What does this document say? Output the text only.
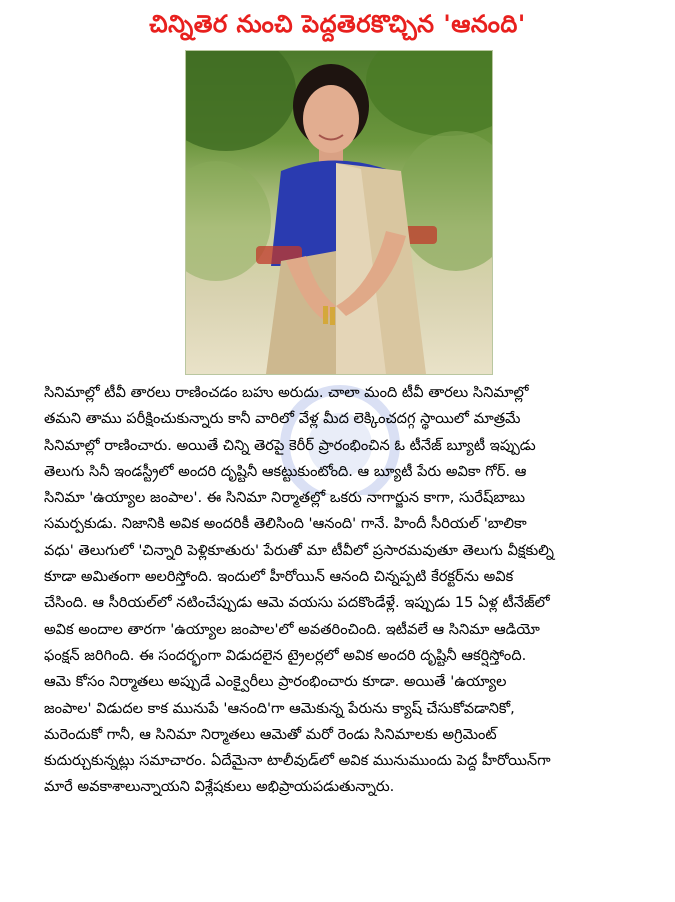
చిన్నితెర నుంచి పెద్దతెరకొచ్చిన 'ఆనంది'
సినిమాల్లో టీవీ తారలు రాణించడం బహు అరుదు. చాలా మంది టీవీ తారలు సినిమాల్లో
తమని తాము పరీక్షించుకున్నారు కానీ వారిలో వేళ్ల మీద లెక్కించదగ్గ స్థాయిలో మాత్రమే
సినిమాల్లో రాణించారు. అయితే చిన్ని తెరపై కెరీర్ ప్రారంభించిన ఓ టీనేజ్ బ్యూటీ ఇప్పుడు
తెలుగు సినీ ఇండస్ట్రీలో అందరి దృష్టినీ ఆకట్టుకుంటోంది. ఆ బ్యూటీ పేరు అవికా గోర్. ఆ
సినిమా 'ఉయ్యాల జంపాల'. ఈ సినిమా నిర్మాతల్లో ఒకరు నాగార్జున కాగా, సురేష్‌బాబు
సమర్పకుడు. నిజానికి అవిక అందరికీ తెలిసింది 'ఆనంది' గానే. హిందీ సీరియల్ 'బాలికా
వధు' తెలుగులో 'చిన్నారి పెళ్లికూతురు' పేరుతో మా టీవీలో ప్రసారమవుతూ తెలుగు వీక్షకుల్ని
కూడా అమితంగా అలరిస్తోంది. ఇందులో హీరోయిన్ ఆనంది చిన్నప్పటి కేరక్టర్‌ను అవిక
చేసింది. ఆ సీరియల్‌లో నటించేప్పుడు ఆమె వయసు పదకొండేళ్లే. ఇప్పుడు 15 ఏళ్ల టీనేజ్‌లో
అవిక అందాల తారగా 'ఉయ్యాల జంపాల'లో అవతరించింది. ఇటీవలే ఆ సినిమా ఆడియో
ఫంక్షన్ జరిగింది. ఈ సందర్భంగా విడుదలైన ట్రైలర్లలో అవిక అందరి దృష్టినీ ఆకర్షిస్తోంది.
ఆమె కోసం నిర్మాతలు అప్పుడే ఎంక్వైరీలు ప్రారంభించారు కూడా. అయితే 'ఉయ్యాల
జంపాల' విడుదల కాక మునుపే 'ఆనంది'గా ఆమెకున్న పేరును క్యాష్ చేసుకోవడానికో,
మరెందుకో గానీ, ఆ సినిమా నిర్మాతలు ఆమెతో మరో రెండు సినిమాలకు అగ్రిమెంట్
కుదుర్చుకున్నట్లు సమాచారం. ఏదేమైనా టాలీవుడ్‌లో అవిక మునుముందు పెద్ద హీరోయిన్‌గా
మారే అవకాశాలున్నాయని విశ్లేషకులు అభిప్రాయపడుతున్నారు.
